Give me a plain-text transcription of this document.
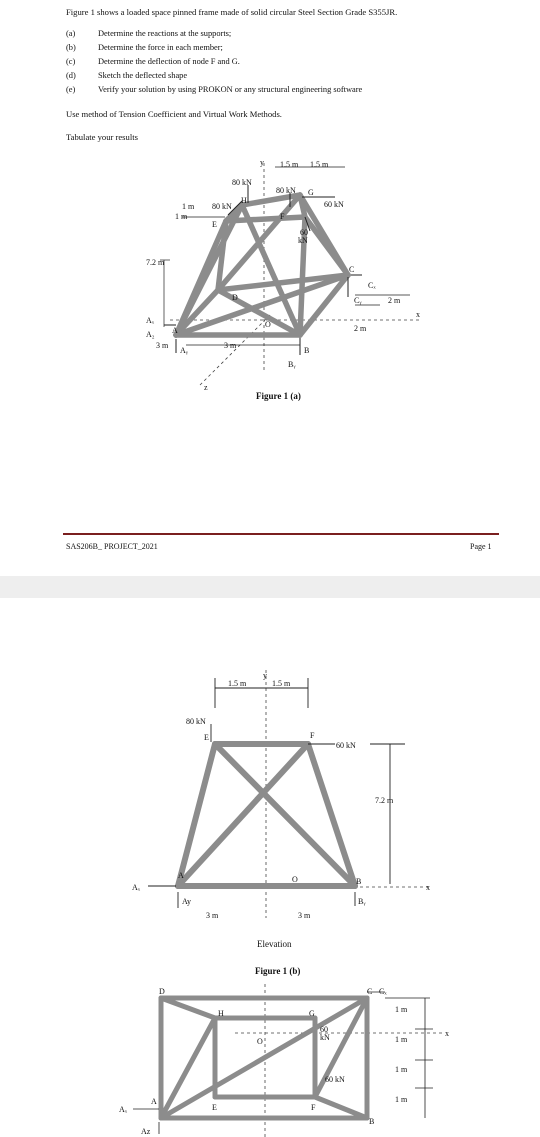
Figure 1 shows a loaded space pinned frame made of solid circular Steel Section Grade S355JR.
(a)	Determine the reactions at the supports;
(b)	Determine the force in each member;
(c)	Determine the deflection of node F and G.
(d)	Sketch the deflected shape
(e)	Verify your solution by using PROKON or any structural engineering software
Use method of Tension Coefficient and Virtual Work Methods.
Tabulate your results
y
x
z
1.5 m 1.5 m
80 kN
80 kN G
60 kN
H
1 m
1 m
80 kN
E
F
60
kN
7.2 m
D
O
C
Cₓ
Cᵧ	2 m
2 m
A
Aₓ
A₂
Aᵧ
3 m	3 m
B
Bᵧ
Figure 1 (a)
SAS206B_ PROJECT_2021	Page 1
y
1.5 m	1.5 m
80 kN
E	F
60 kN
7.2 m
O
A
B
Aₓ
Ay	Bᵧ
x
3 m	3 m
Elevation
Figure 1 (b)
D	C Cₓ
H	G
O
60
kN
60 kN
E	F
A
B
Aₓ
Az
1 m
1 m
1 m
1 m
x
